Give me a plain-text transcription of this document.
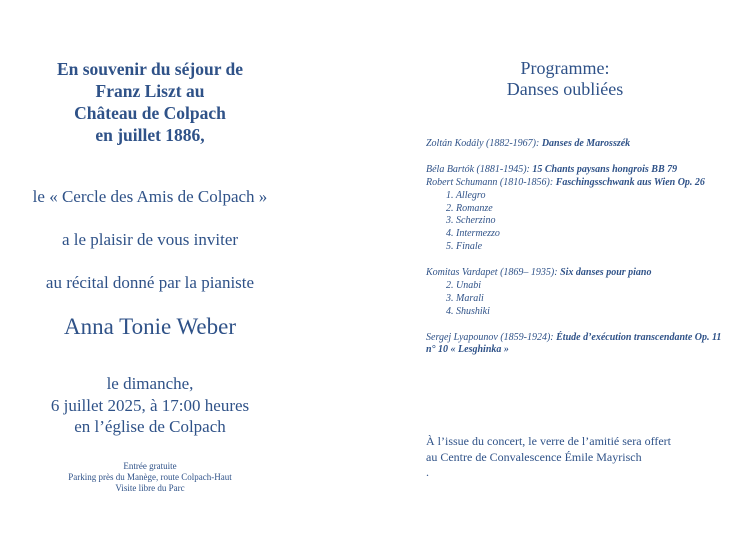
En souvenir du séjour de
Franz Liszt au
Château de Colpach
en juillet 1886,
le « Cercle des Amis de Colpach »
a le plaisir de vous inviter
au récital donné par la pianiste
Anna Tonie Weber
le dimanche,
6 juillet 2025, à 17:00 heures
en l’église de Colpach
Entrée gratuite
Parking près du Manège, route Colpach-Haut
Visite libre du Parc
Programme:
Danses oubliées
Zoltán Kodály (1882-1967): Danses de Marosszék
Béla Bartók (1881-1945): 15 Chants paysans hongrois BB 79
Robert Schumann (1810-1856): Faschingsschwank aus Wien Op. 26
1. Allegro
2. Romanze
3. Scherzino
4. Intermezzo
5. Finale
Komitas Vardapet (1869– 1935): Six danses pour piano
2. Unabi
3. Marali
4. Shushiki
Sergej Lyapounov (1859-1924): Étude d’exécution transcendante Op. 11 n° 10 « Lesghinka »
À l’issue du concert, le verre de l’amitié sera offert
au Centre de Convalescence Émile Mayrisch
.
